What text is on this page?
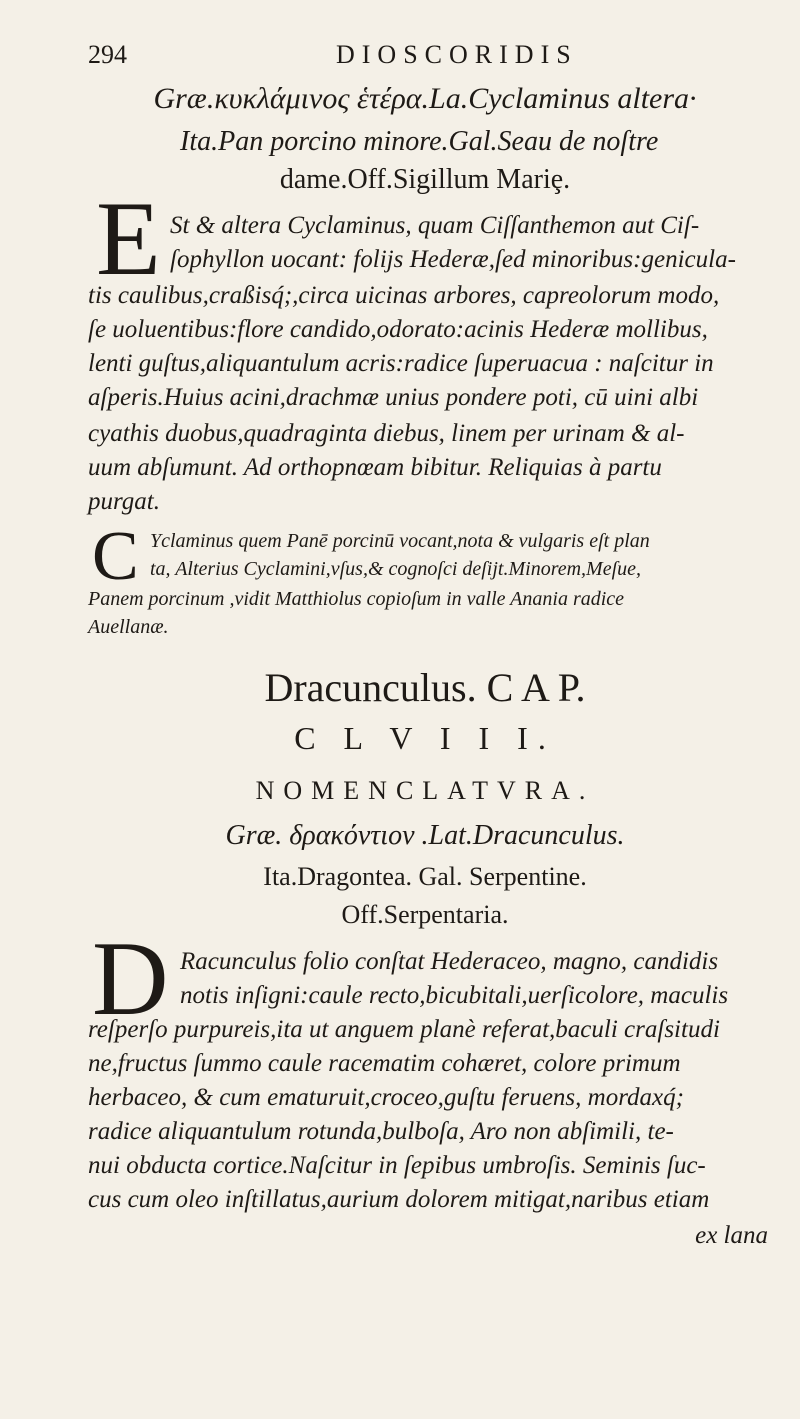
294	DIOSCORIDIS
Græ.κυκλάμινος ἑτέρα.La.Cyclaminus altera·
Ita.Pan porcino minore.Gal.Seau de noſtre
dame.Off.Sigillum Mariȩ.
E St & altera Cyclaminus, quam Ciſſanthemon aut Ciſ-
ſophyllon uocant: folijs Hederæ,ſed minoribus:genicula-
tis caulibus,craßisq́;,circa uicinas arbores, capreolorum modo,
ſe uoluentibus:flore candido,odorato:acinis Hederæ mollibus,
lenti guſtus,aliquantulum acris:radice ſuperuacua : naſcitur in
aſperis.Huius acini,drachmæ unius pondere poti, cū uini albi
cyathis duobus,quadraginta diebus, linem per urinam & al-
uum abſumunt. Ad orthopnœam bibitur. Reliquias à partu
purgat.
C Yclaminus quem Panē porcinū vocant,nota & vulgaris eſt plan
ta, Alterius Cyclamini,vſus,& cognoſci deſijt.Minorem,Meſue,
Panem porcinum ,vidit Matthiolus copioſum in valle Anania radice
Auellanæ.
Dracunculus. C A P.
C L V I I I.
NOMENCLATVRA.
Græ. δρακόντιον .Lat.Dracunculus.
Ita.Dragontea. Gal. Serpentine.
Off.Serpentaria.
D Racunculus folio conſtat Hederaceo, magno, candidis
notis inſigni:caule recto,bicubitali,uerſicolore, maculis
reſperſo purpureis,ita ut anguem planè referat,baculi craſsitudi
ne,fructus ſummo caule racematim cohæret, colore primum
herbaceo, & cum ematuruit,croceo,guſtu feruens, mordaxq́;
radice aliquantulum rotunda,bulboſa, Aro non abſimili, te-
nui obducta cortice.Naſcitur in ſepibus umbroſis. Seminis ſuc-
cus cum oleo inſtillatus,aurium dolorem mitigat,naribus etiam
ex lana
